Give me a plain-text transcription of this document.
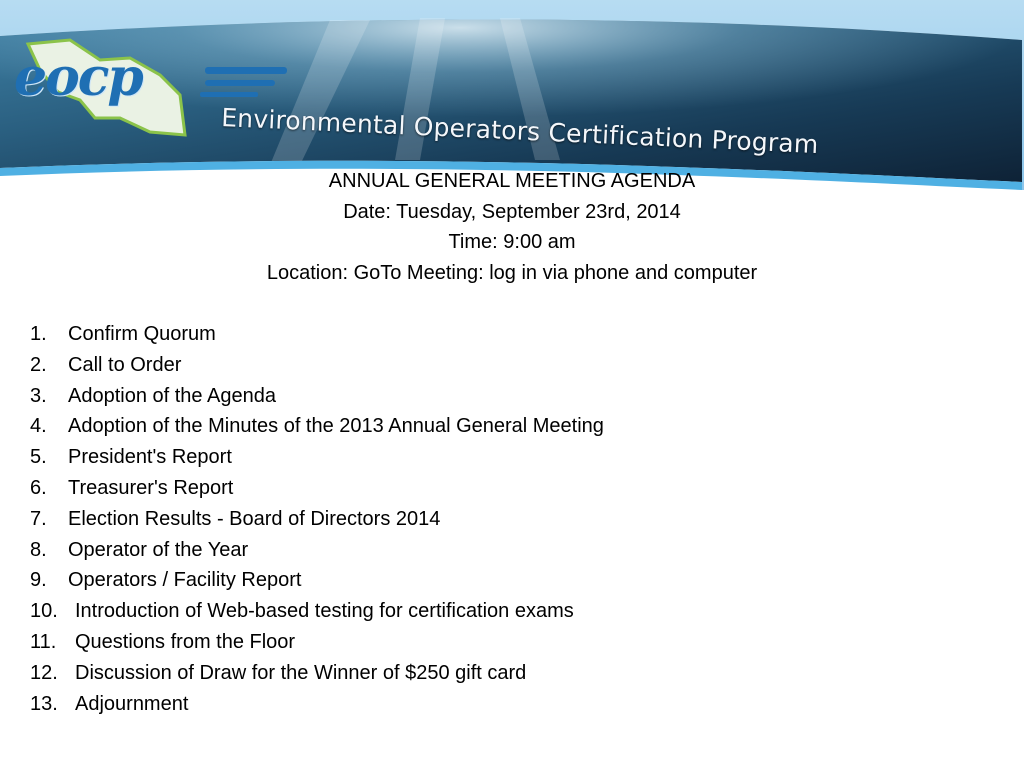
eocp
Environmental Operators Certification Program
ANNUAL GENERAL MEETING AGENDA
Date: Tuesday, September 23rd, 2014
Time: 9:00 am
Location: GoTo Meeting: log in via phone and computer
1.	Confirm Quorum
2.	Call to Order
3.	Adoption of the Agenda
4.	Adoption of the Minutes of the 2013 Annual General Meeting
5.	President's Report
6.	Treasurer's Report
7.	Election Results - Board of Directors 2014
8.	Operator of the Year
9.	Operators / Facility Report
10. Introduction of Web-based testing for certification exams
11. Questions from the Floor
12. Discussion of Draw for the Winner of $250 gift card
13. Adjournment
